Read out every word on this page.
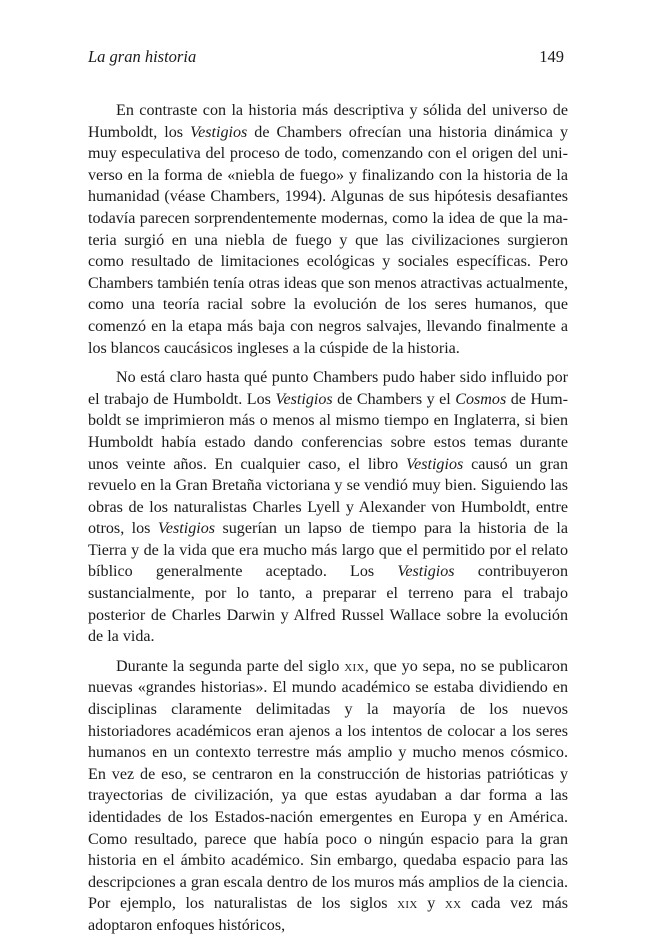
La gran historia	149

En contraste con la historia más descriptiva y sólida del universo de Humboldt, los Vestigios de Chambers ofrecían una historia dinámica y muy especulativa del proceso de todo, comenzando con el origen del universo en la forma de «niebla de fuego» y finalizando con la historia de la humanidad (véase Chambers, 1994). Algunas de sus hipótesis desafiantes todavía parecen sorprendentemente modernas, como la idea de que la materia surgió en una niebla de fuego y que las civilizaciones surgieron como resultado de limitaciones ecológicas y sociales específicas. Pero Chambers también tenía otras ideas que son menos atractivas actualmente, como una teoría racial sobre la evolución de los seres humanos, que comenzó en la etapa más baja con negros salvajes, llevando finalmente a los blancos caucásicos ingleses a la cúspide de la historia.

No está claro hasta qué punto Chambers pudo haber sido influido por el trabajo de Humboldt. Los Vestigios de Chambers y el Cosmos de Humboldt se imprimieron más o menos al mismo tiempo en Inglaterra, si bien Humboldt había estado dando conferencias sobre estos temas durante unos veinte años. En cualquier caso, el libro Vestigios causó un gran revuelo en la Gran Bretaña victoriana y se vendió muy bien. Siguiendo las obras de los naturalistas Charles Lyell y Alexander von Humboldt, entre otros, los Vestigios sugerían un lapso de tiempo para la historia de la Tierra y de la vida que era mucho más largo que el permitido por el relato bíblico generalmente aceptado. Los Vestigios contribuyeron sustancialmente, por lo tanto, a preparar el terreno para el trabajo posterior de Charles Darwin y Alfred Russel Wallace sobre la evolución de la vida.

Durante la segunda parte del siglo xix, que yo sepa, no se publicaron nuevas «grandes historias». El mundo académico se estaba dividiendo en disciplinas claramente delimitadas y la mayoría de los nuevos historiadores académicos eran ajenos a los intentos de colocar a los seres humanos en un contexto terrestre más amplio y mucho menos cósmico. En vez de eso, se centraron en la construcción de historias patrióticas y trayectorias de civilización, ya que estas ayudaban a dar forma a las identidades de los Estados-nación emergentes en Europa y en América. Como resultado, parece que había poco o ningún espacio para la gran historia en el ámbito académico. Sin embargo, quedaba espacio para las descripciones a gran escala dentro de los muros más amplios de la ciencia. Por ejemplo, los naturalistas de los siglos xix y xx cada vez más adoptaron enfoques históricos,
